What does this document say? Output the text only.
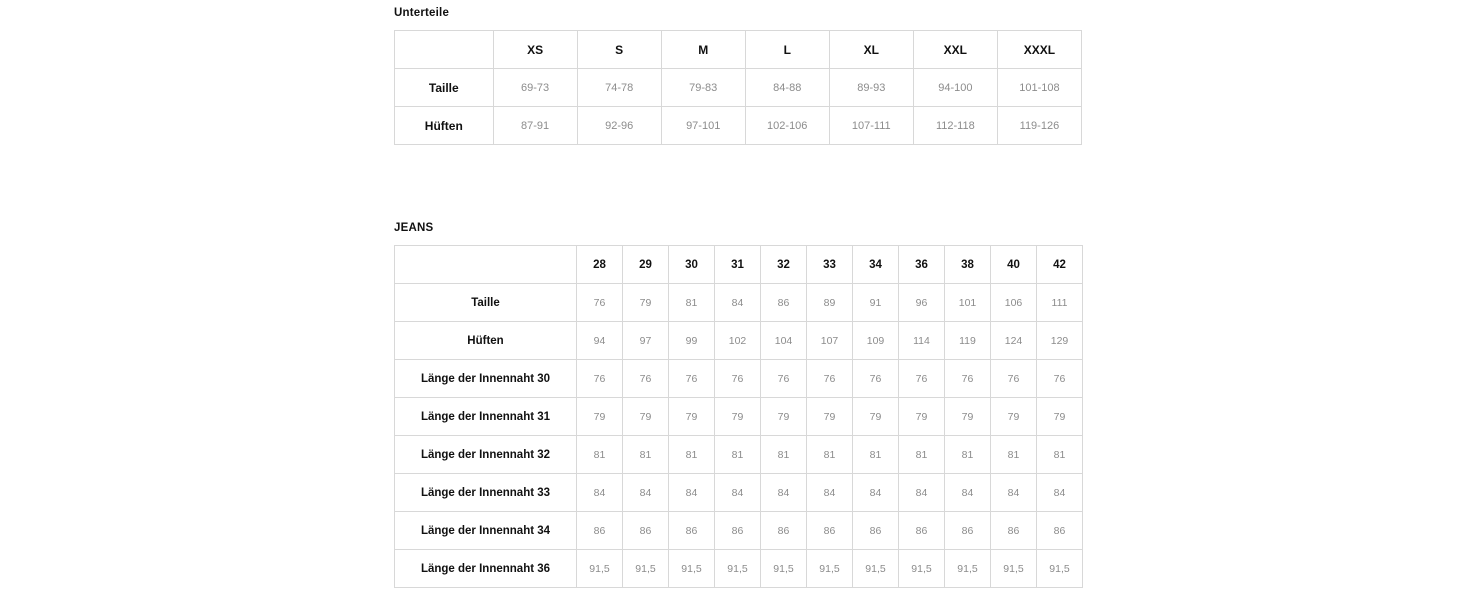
Unterteile
	XS	S	M	L	XL	XXL	XXXL
Taille	69-73	74-78	79-83	84-88	89-93	94-100	101-108
Hüften	87-91	92-96	97-101	102-106	107-111	112-118	119-126
JEANS
	28	29	30	31	32	33	34	36	38	40	42
Taille	76	79	81	84	86	89	91	96	101	106	111
Hüften	94	97	99	102	104	107	109	114	119	124	129
Länge der Innennaht 30	76	76	76	76	76	76	76	76	76	76	76
Länge der Innennaht 31	79	79	79	79	79	79	79	79	79	79	79
Länge der Innennaht 32	81	81	81	81	81	81	81	81	81	81	81
Länge der Innennaht 33	84	84	84	84	84	84	84	84	84	84	84
Länge der Innennaht 34	86	86	86	86	86	86	86	86	86	86	86
Länge der Innennaht 36	91,5	91,5	91,5	91,5	91,5	91,5	91,5	91,5	91,5	91,5	91,5
